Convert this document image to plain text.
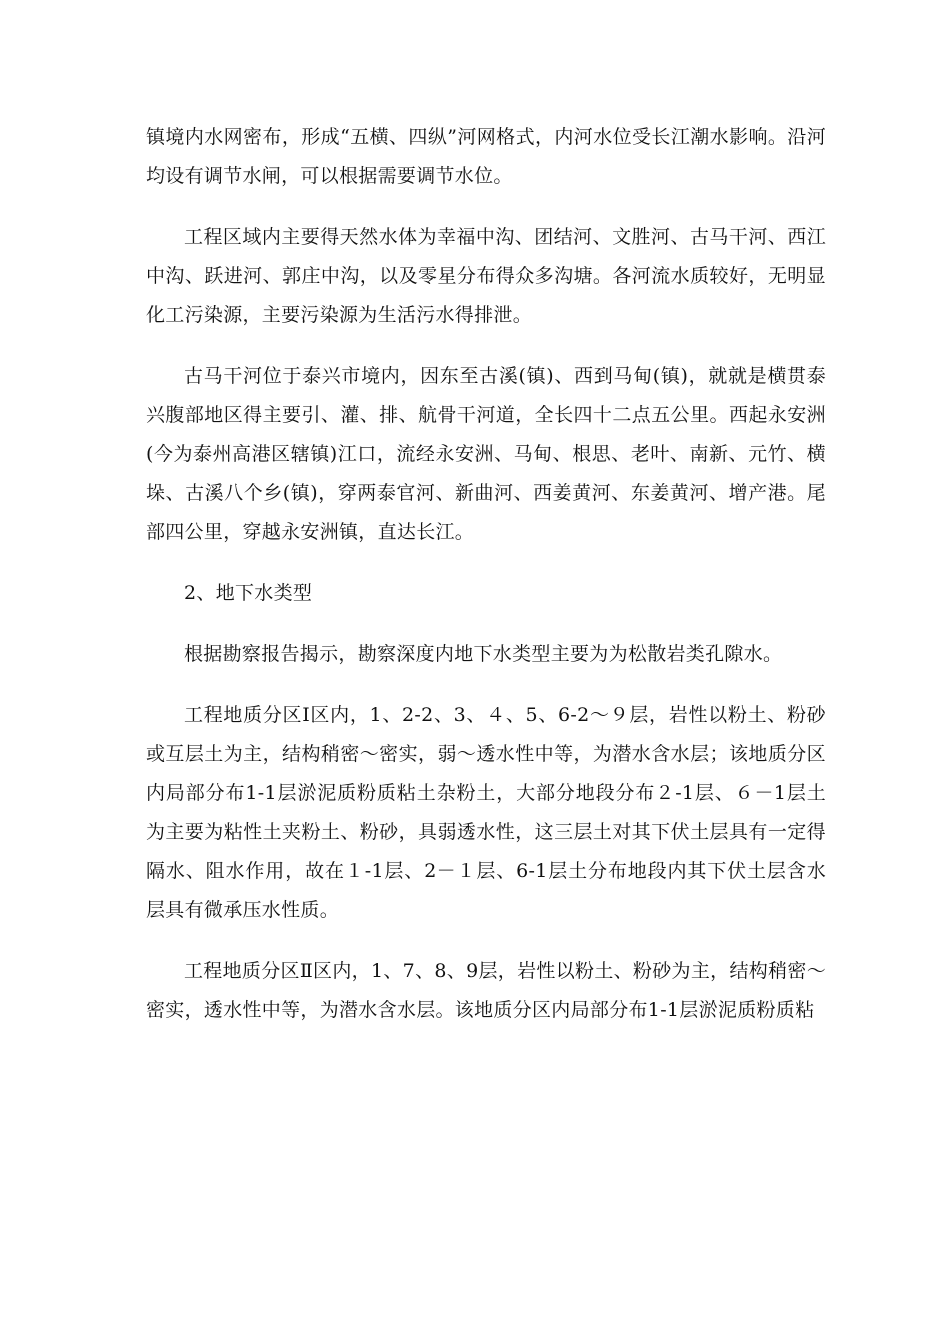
镇境内水网密布，形成“五横、四纵”河网格式，内河水位受长江潮水影响。沿河均设有调节水闸，可以根据需要调节水位。

工程区域内主要得天然水体为幸福中沟、团结河、文胜河、古马干河、西江中沟、跃进河、郭庄中沟，以及零星分布得众多沟塘。各河流水质较好，无明显化工污染源，主要污染源为生活污水得排泄。

古马干河位于泰兴市境内，因东至古溪(镇)、西到马甸(镇)，就就是横贯泰兴腹部地区得主要引、灌、排、航骨干河道，全长四十二点五公里。西起永安洲(今为泰州高港区辖镇)江口，流经永安洲、马甸、根思、老叶、南新、元竹、横垛、古溪八个乡(镇)，穿两泰官河、新曲河、西姜黄河、东姜黄河、增产港。尾部四公里，穿越永安洲镇，直达长江。

2、地下水类型

根据勘察报告揭示，勘察深度内地下水类型主要为为松散岩类孔隙水。

工程地质分区Ⅰ区内，1、2-2、3、４、5、6-2～９层，岩性以粉土、粉砂或互层土为主，结构稍密～密实，弱～透水性中等，为潜水含水层；该地质分区内局部分布1-1层淤泥质粉质粘土杂粉土，大部分地段分布２-1层、６－1层土为主要为粘性土夹粉土、粉砂，具弱透水性，这三层土对其下伏土层具有一定得隔水、阻水作用，故在１-1层、2－１层、6-1层土分布地段内其下伏土层含水层具有微承压水性质。

工程地质分区Ⅱ区内，1、7、8、9层，岩性以粉土、粉砂为主，结构稍密～密实，透水性中等，为潜水含水层。该地质分区内局部分布1-1层淤泥质粉质粘
